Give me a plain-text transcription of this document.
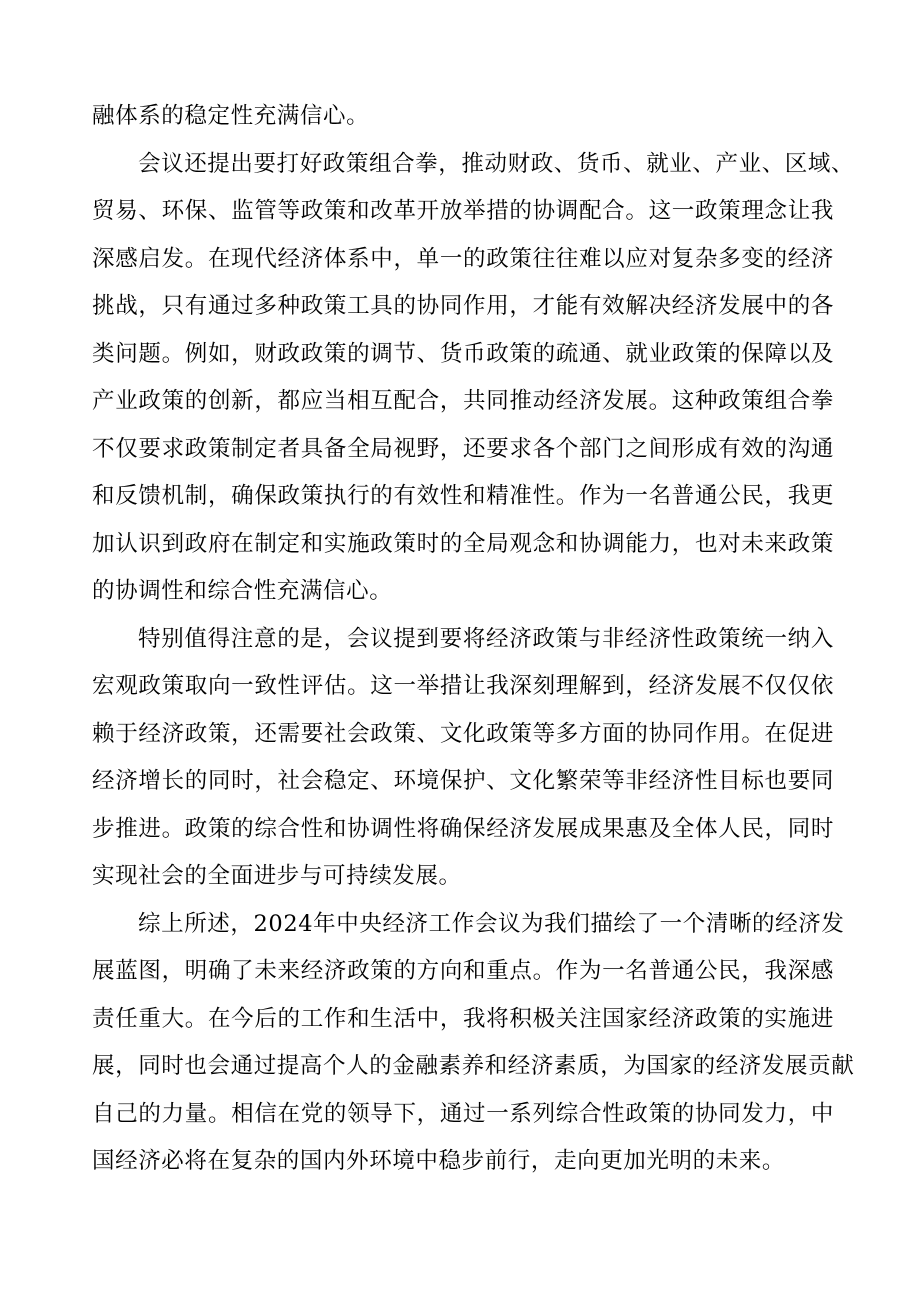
融体系的稳定性充满信心。
会议还提出要打好政策组合拳，推动财政、货币、就业、产业、区域、
贸易、环保、监管等政策和改革开放举措的协调配合。这一政策理念让我
深感启发。在现代经济体系中，单一的政策往往难以应对复杂多变的经济
挑战，只有通过多种政策工具的协同作用，才能有效解决经济发展中的各
类问题。例如，财政政策的调节、货币政策的疏通、就业政策的保障以及
产业政策的创新，都应当相互配合，共同推动经济发展。这种政策组合拳
不仅要求政策制定者具备全局视野，还要求各个部门之间形成有效的沟通
和反馈机制，确保政策执行的有效性和精准性。作为一名普通公民，我更
加认识到政府在制定和实施政策时的全局观念和协调能力，也对未来政策
的协调性和综合性充满信心。
特别值得注意的是，会议提到要将经济政策与非经济性政策统一纳入
宏观政策取向一致性评估。这一举措让我深刻理解到，经济发展不仅仅依
赖于经济政策，还需要社会政策、文化政策等多方面的协同作用。在促进
经济增长的同时，社会稳定、环境保护、文化繁荣等非经济性目标也要同
步推进。政策的综合性和协调性将确保经济发展成果惠及全体人民，同时
实现社会的全面进步与可持续发展。
综上所述，2024年中央经济工作会议为我们描绘了一个清晰的经济发
展蓝图，明确了未来经济政策的方向和重点。作为一名普通公民，我深感
责任重大。在今后的工作和生活中，我将积极关注国家经济政策的实施进
展，同时也会通过提高个人的金融素养和经济素质，为国家的经济发展贡献
自己的力量。相信在党的领导下，通过一系列综合性政策的协同发力，中
国经济必将在复杂的国内外环境中稳步前行，走向更加光明的未来。
